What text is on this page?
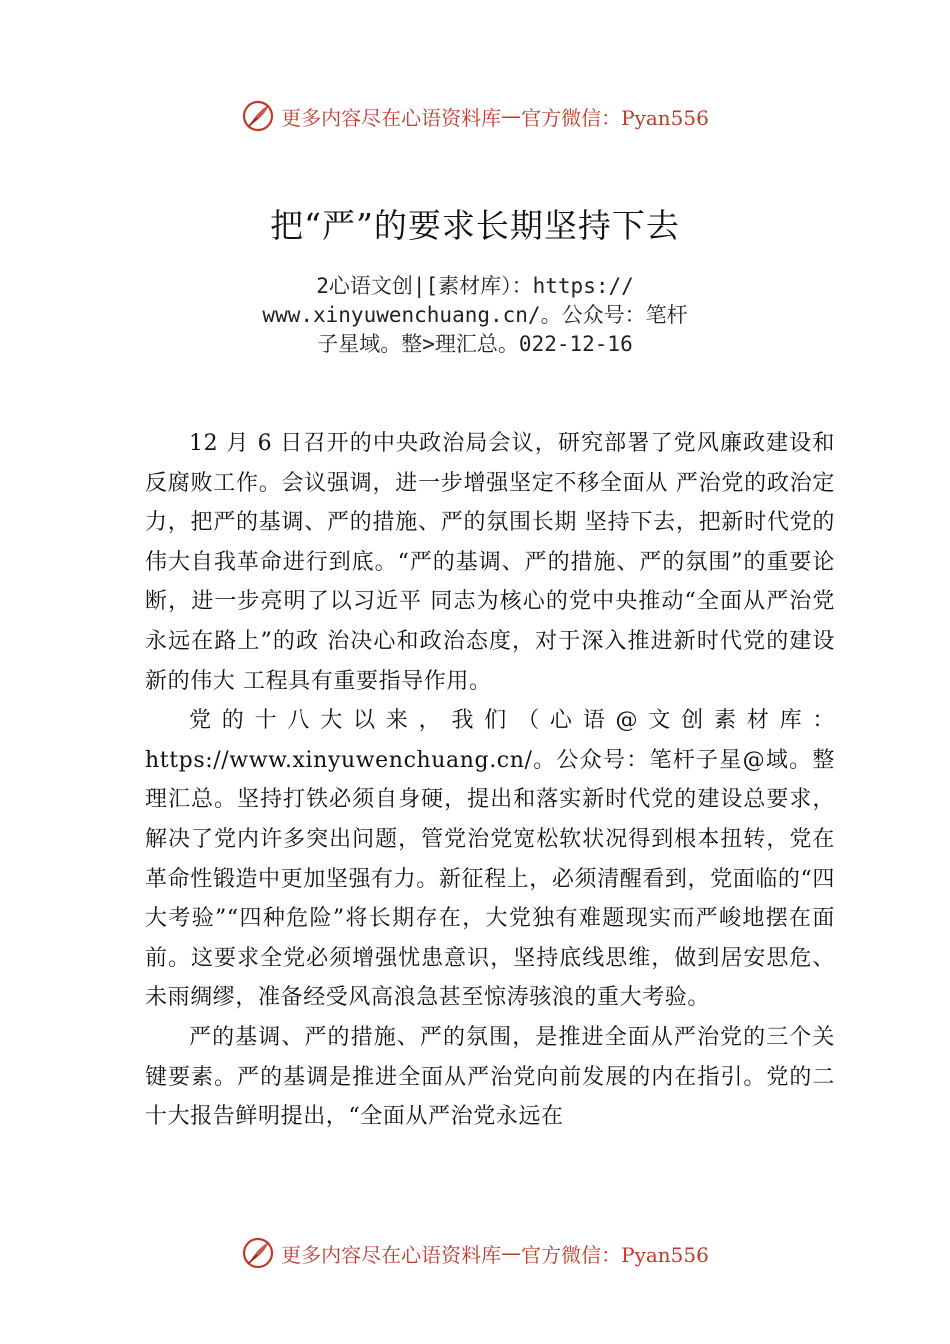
更多内容尽在心语资料库 — 官方微信：Pyan556
把“严”的要求长期坚持下去
2心语文创|[素材库）：https://
www.xinyuwenchuang.cn/。公众号：笔杆
子星域。整>理汇总。022-12-16

12 月 6 日召开的中央政治局会议，研究部署了党风廉政建设和反腐败工作。会议强调，进一步增强坚定不移全面从 严治党的政治定力，把严的基调、严的措施、严的氛围长期 坚持下去，把新时代党的伟大自我革命进行到底。“严的基调、严的措施、严的氛围”的重要论断，进一步亮明了以习近平 同志为核心的党中央推动“全面从严治党永远在路上”的政 治决心和政治态度，对于深入推进新时代党的建设新的伟大 工程具有重要指导作用。

党的十八大以来，我们（心语@文创素材库：https://www.xinyuwenchuang.cn/。公众号：笔杆子星@域。整理汇总。坚持打铁必须自身硬，提出和落实新时代党的建设总要求，解决了党内许多突出问题，管党治党宽松软状况得到根本扭转，党在革命性锻造中更加坚强有力。新征程上，必须清醒看到，党面临的“四大考验”“四种危险”将长期存在，大党独有难题现实而严峻地摆在面前。这要求全党必须增强忧患意识，坚持底线思维，做到居安思危、未雨绸缪，准备经受风高浪急甚至惊涛骇浪的重大考验。

严的基调、严的措施、严的氛围，是推进全面从严治党的三个关键要素。严的基调是推进全面从严治党向前发展的内在指引。党的二十大报告鲜明提出，“全面从严治党永远在

更多内容尽在心语资料库 — 官方微信：Pyan556
